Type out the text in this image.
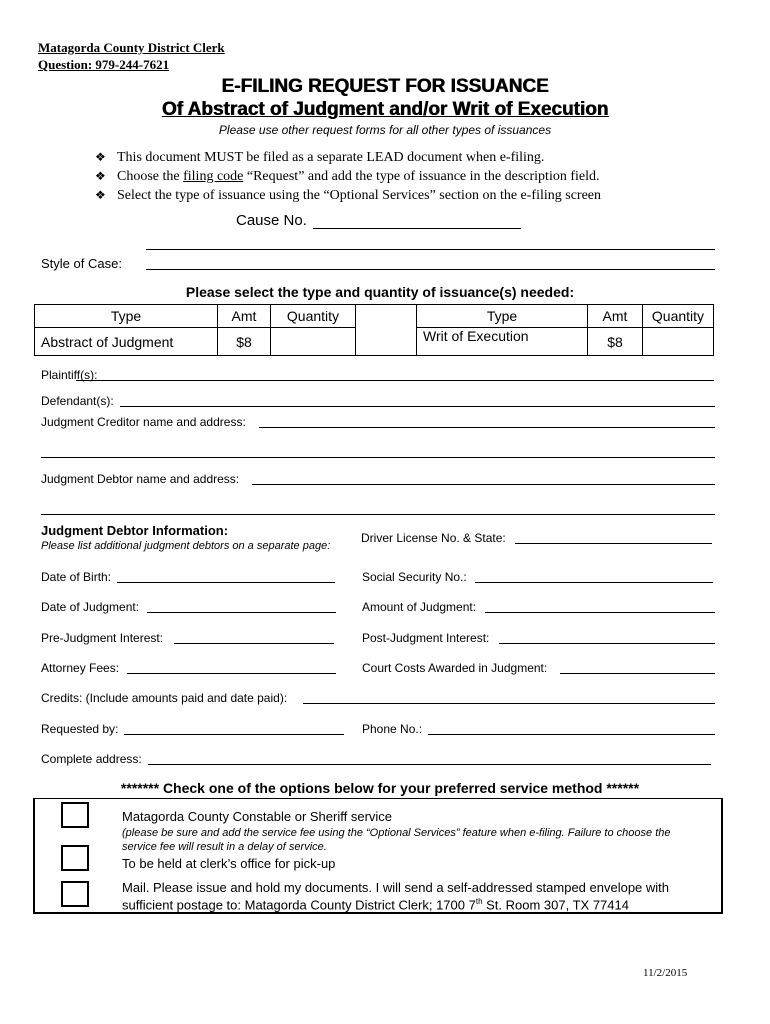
Matagorda County District Clerk
Question: 979-244-7621
E-FILING REQUEST FOR ISSUANCE
Of Abstract of Judgment and/or Writ of Execution
Please use other request forms for all other types of issuances
❖ This document MUST be filed as a separate LEAD document when e-filing.
❖ Choose the filing code “Request” and add the type of issuance in the description field.
❖ Select the type of issuance using the “Optional Services” section on the e-filing screen
Cause No.
Style of Case:
Please select the type and quantity of issuance(s) needed:
Type	Amt	Quantity		Type	Amt	Quantity
Abstract of Judgment	$8			Writ of Execution	$8	
Plaintiff(s):
Defendant(s):
Judgment Creditor name and address:
Judgment Debtor name and address:
Judgment Debtor Information:
Please list additional judgment debtors on a separate page:
Driver License No. & State:
Date of Birth:	Social Security No.:
Date of Judgment:	Amount of Judgment:
Pre-Judgment Interest:	Post-Judgment Interest:
Attorney Fees:	Court Costs Awarded in Judgment:
Credits: (Include amounts paid and date paid):
Requested by:	Phone No.:
Complete address:
******* Check one of the options below for your preferred service method ******
Matagorda County Constable or Sheriff service
(please be sure and add the service fee using the “Optional Services” feature when e-filing. Failure to choose the service fee will result in a delay of service.
To be held at clerk’s office for pick-up
Mail. Please issue and hold my documents. I will send a self-addressed stamped envelope with
sufficient postage to: Matagorda County District Clerk; 1700 7th St. Room 307, TX 77414
11/2/2015
